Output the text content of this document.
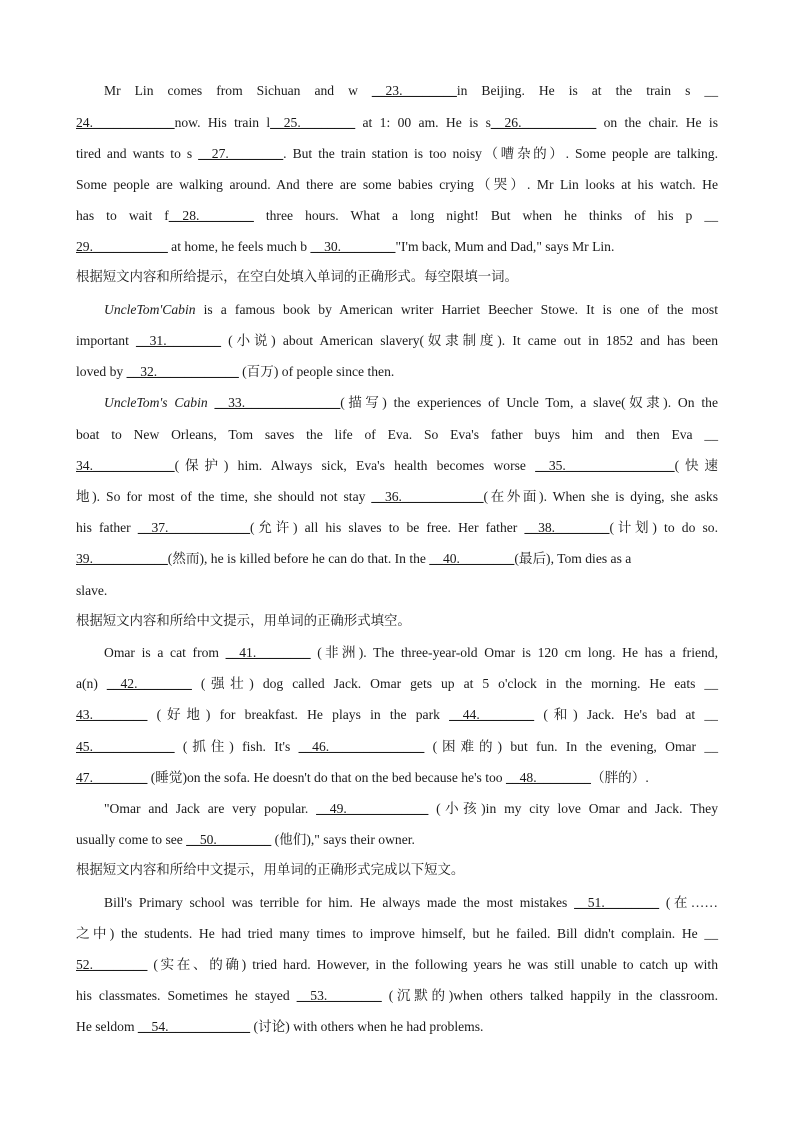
Mr Lin comes from Sichuan and w __23.________in Beijing. He is at the train s __
24.____________now. His train l__25.________ at 1: 00 am. He is s__26.___________ on the chair. He is
tired and wants to s __27.________. But the train station is too noisy（嘈杂的）. Some people are talking.
Some people are walking around. And there are some babies crying（哭）. Mr Lin looks at his watch. He
has to wait f__28.________ three hours. What a long night! But when he thinks of his p __
29.___________ at home, he feels much b __30.________"I'm back, Mum and Dad," says Mr Lin.
根据短文内容和所给提示，在空白处填入单词的正确形式。每空限填一词。
UncleTom'Cabin is a famous book by American writer Harriet Beecher Stowe. It is one of the most
important __31.________ (小说) about American slavery(奴隶制度). It came out in 1852 and has been
loved by __32.____________ (百万) of people since then.
UncleTom's Cabin __33.______________(描写) the experiences of Uncle Tom, a slave(奴隶). On the
boat to New Orleans, Tom saves the life of Eva. So Eva's father buys him and then Eva __
34.____________(保护) him. Always sick, Eva's health becomes worse __35.________________(快速
地). So for most of the time, she should not stay __36.____________(在外面). When she is dying, she asks
his father __37.____________(允许) all his slaves to be free. Her father __38.________(计划) to do so.
39.___________(然而), he is killed before he can do that. In the __40.________(最后), Tom dies as a
slave.
根据短文内容和所给中文提示，用单词的正确形式填空。
Omar is a cat from __41.________ (非洲). The three-year-old Omar is 120 cm long. He has a friend,
a(n) __42.________ (强壮) dog called Jack. Omar gets up at 5 o'clock in the morning. He eats __
43.________ (好地) for breakfast. He plays in the park __44.________ (和) Jack. He's bad at __
45.____________ (抓住) fish. It's __46.______________ (困难的) but fun. In the evening, Omar __
47.________ (睡觉)on the sofa. He doesn't do that on the bed because he's too __48.________（胖的）.
"Omar and Jack are very popular. __49.____________ (小孩)in my city love Omar and Jack. They
usually come to see __50.________ (他们)," says their owner.
根据短文内容和所给中文提示，用单词的正确形式完成以下短文。
Bill's Primary school was terrible for him. He always made the most mistakes __51.________ (在……
之中) the students. He had tried many times to improve himself, but he failed. Bill didn't complain. He __
52.________ (实在、的确) tried hard. However, in the following years he was still unable to catch up with
his classmates. Sometimes he stayed __53.________ (沉默的)when others talked happily in the classroom.
He seldom __54.____________ (讨论) with others when he had problems.
